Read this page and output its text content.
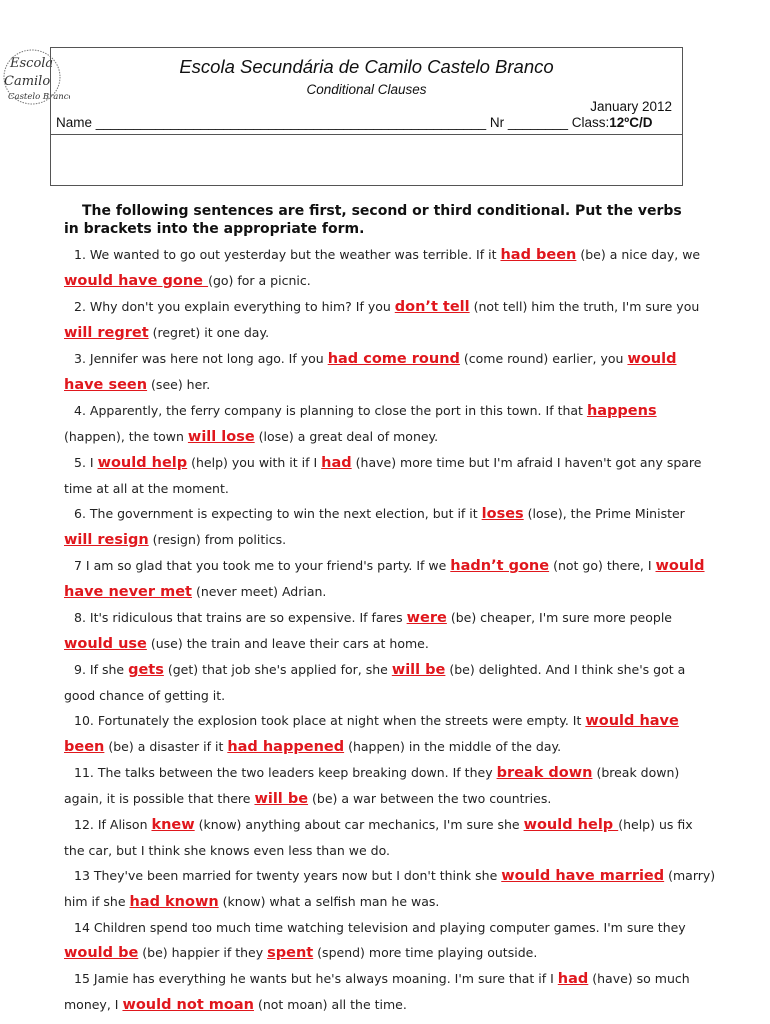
Escola
Camilo
Castelo Branco
Escola Secundária de Camilo Castelo Branco
Conditional Clauses
January 2012
Name ____________________________________________________ Nr ________ Class:12ºC/D
The following sentences are first, second or third conditional. Put the verbs in brackets into the appropriate form.

1. We wanted to go out yesterday but the weather was terrible. If it had been (be) a nice day, we would have gone (go) for a picnic.

2. Why don't you explain everything to him? If you don’t tell (not tell) him the truth, I'm sure you will regret (regret) it one day.

3. Jennifer was here not long ago. If you had come round (come round) earlier, you would have seen (see) her.

4. Apparently, the ferry company is planning to close the port in this town. If that happens (happen), the town will lose (lose) a great deal of money.

5. I would help (help) you with it if I had (have) more time but I'm afraid I haven't got any spare time at all at the moment.

6. The government is expecting to win the next election, but if it loses (lose), the Prime Minister will resign (resign) from politics.

7 I am so glad that you took me to your friend's party. If we hadn’t gone (not go) there, I would have never met (never meet) Adrian.

8. It's ridiculous that trains are so expensive. If fares were (be) cheaper, I'm sure more people would use (use) the train and leave their cars at home.

9. If she gets (get) that job she's applied for, she will be (be) delighted. And I think she's got a good chance of getting it.

10. Fortunately the explosion took place at night when the streets were empty. It would have been (be) a disaster if it had happened (happen) in the middle of the day.

11. The talks between the two leaders keep breaking down. If they break down (break down) again, it is possible that there will be (be) a war between the two countries.

12. If Alison knew (know) anything about car mechanics, I'm sure she would help (help) us fix the car, but I think she knows even less than we do.

13 They've been married for twenty years now but I don't think she would have married (marry) him if she had known (know) what a selfish man he was.

14 Children spend too much time watching television and playing computer games. I'm sure they would be (be) happier if they spent (spend) more time playing outside.

15 Jamie has everything he wants but he's always moaning. I'm sure that if I had (have) so much money, I would not moan (not moan) all the time.
